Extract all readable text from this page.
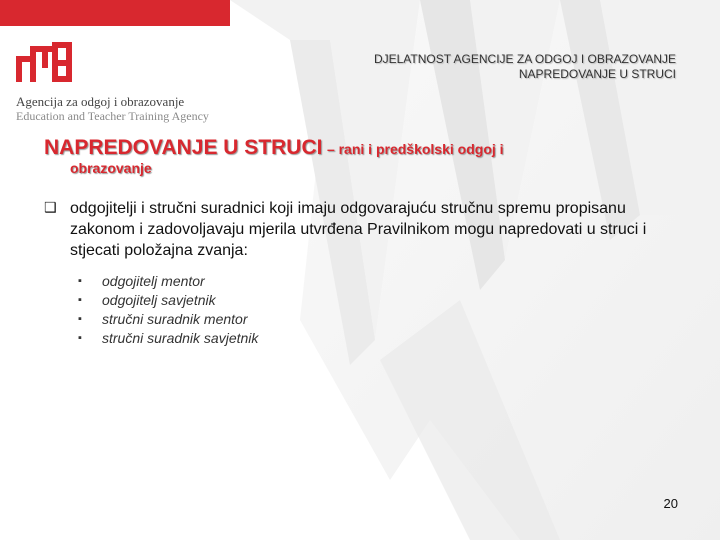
Agencija za odgoj i obrazovanje
Education and Teacher Training Agency
DJELATNOST AGENCIJE ZA ODGOJ I OBRAZOVANJE
NAPREDOVANJE U STRUCI
NAPREDOVANJE U STRUCI – rani i predškolski odgoj i
obrazovanje
❑ odgojitelji i stručni suradnici koji imaju odgovarajuću stručnu spremu propisanu zakonom i zadovoljavaju mjerila utvrđena Pravilnikom mogu napredovati u struci i stjecati položajna zvanja:
▪ odgojitelj mentor
▪ odgojitelj savjetnik
▪ stručni suradnik mentor
▪ stručni suradnik savjetnik
20
